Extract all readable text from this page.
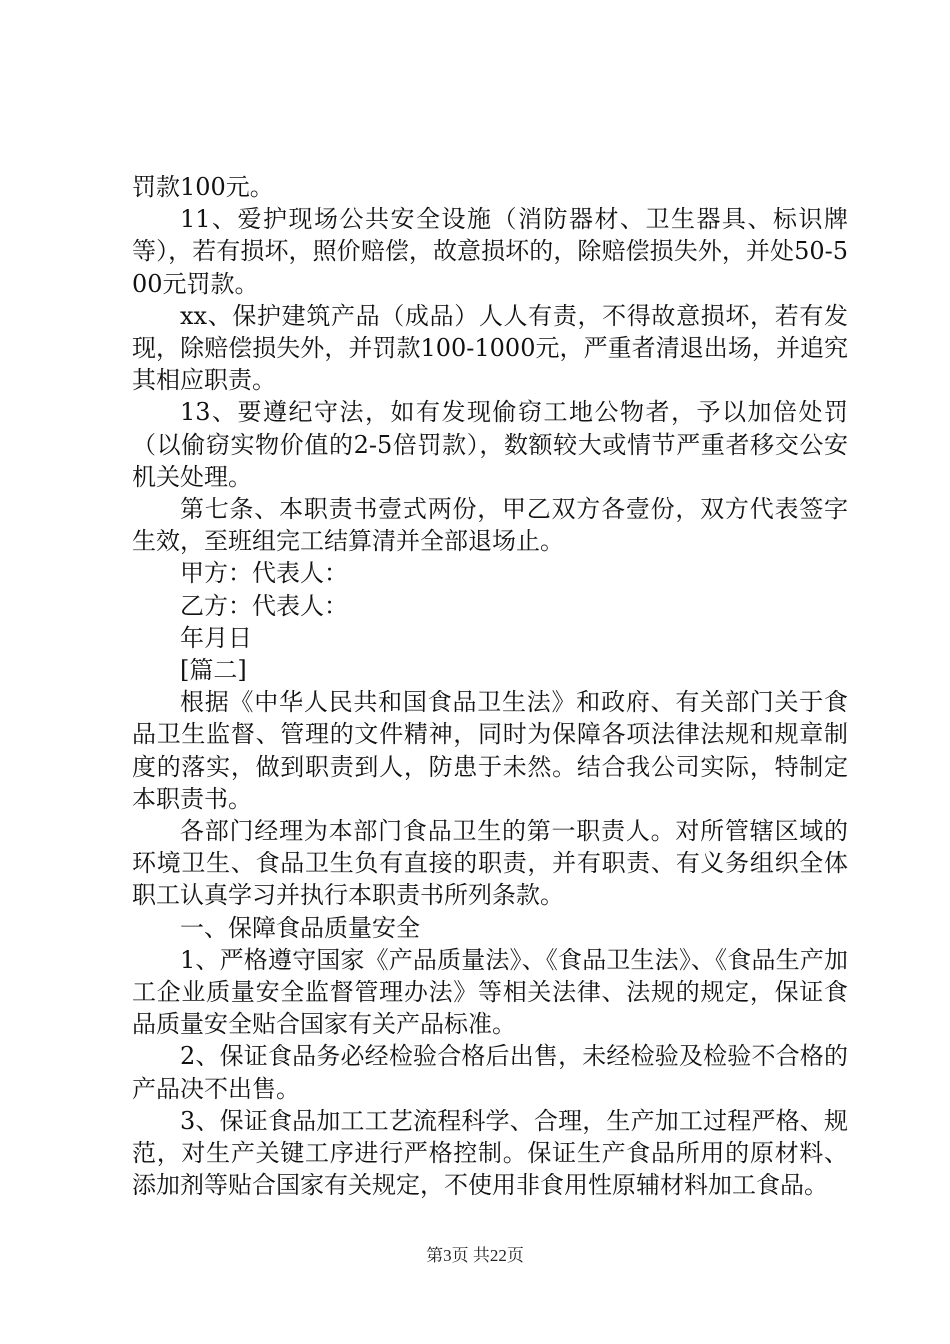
罚款100元。

11、爱护现场公共安全设施（消防器材、卫生器具、标识牌等），若有损坏，照价赔偿，故意损坏的，除赔偿损失外，并处50-500元罚款。

xx、保护建筑产品（成品）人人有责，不得故意损坏，若有发现，除赔偿损失外，并罚款100-1000元，严重者清退出场，并追究其相应职责。

13、要遵纪守法，如有发现偷窃工地公物者，予以加倍处罚（以偷窃实物价值的2-5倍罚款），数额较大或情节严重者移交公安机关处理。

第七条、本职责书壹式两份，甲乙双方各壹份，双方代表签字生效，至班组完工结算清并全部退场止。

甲方：代表人：

乙方：代表人：

年月日

[篇二]

根据《中华人民共和国食品卫生法》和政府、有关部门关于食品卫生监督、管理的文件精神，同时为保障各项法律法规和规章制度的落实，做到职责到人，防患于未然。结合我公司实际，特制定本职责书。

各部门经理为本部门食品卫生的第一职责人。对所管辖区域的环境卫生、食品卫生负有直接的职责，并有职责、有义务组织全体职工认真学习并执行本职责书所列条款。

一、保障食品质量安全

1、严格遵守国家《产品质量法》、《食品卫生法》、《食品生产加工企业质量安全监督管理办法》等相关法律、法规的规定，保证食品质量安全贴合国家有关产品标准。

2、保证食品务必经检验合格后出售，未经检验及检验不合格的产品决不出售。

3、保证食品加工工艺流程科学、合理，生产加工过程严格、规范，对生产关键工序进行严格控制。保证生产食品所用的原材料、添加剂等贴合国家有关规定，不使用非食用性原辅材料加工食品。

第3页 共22页
